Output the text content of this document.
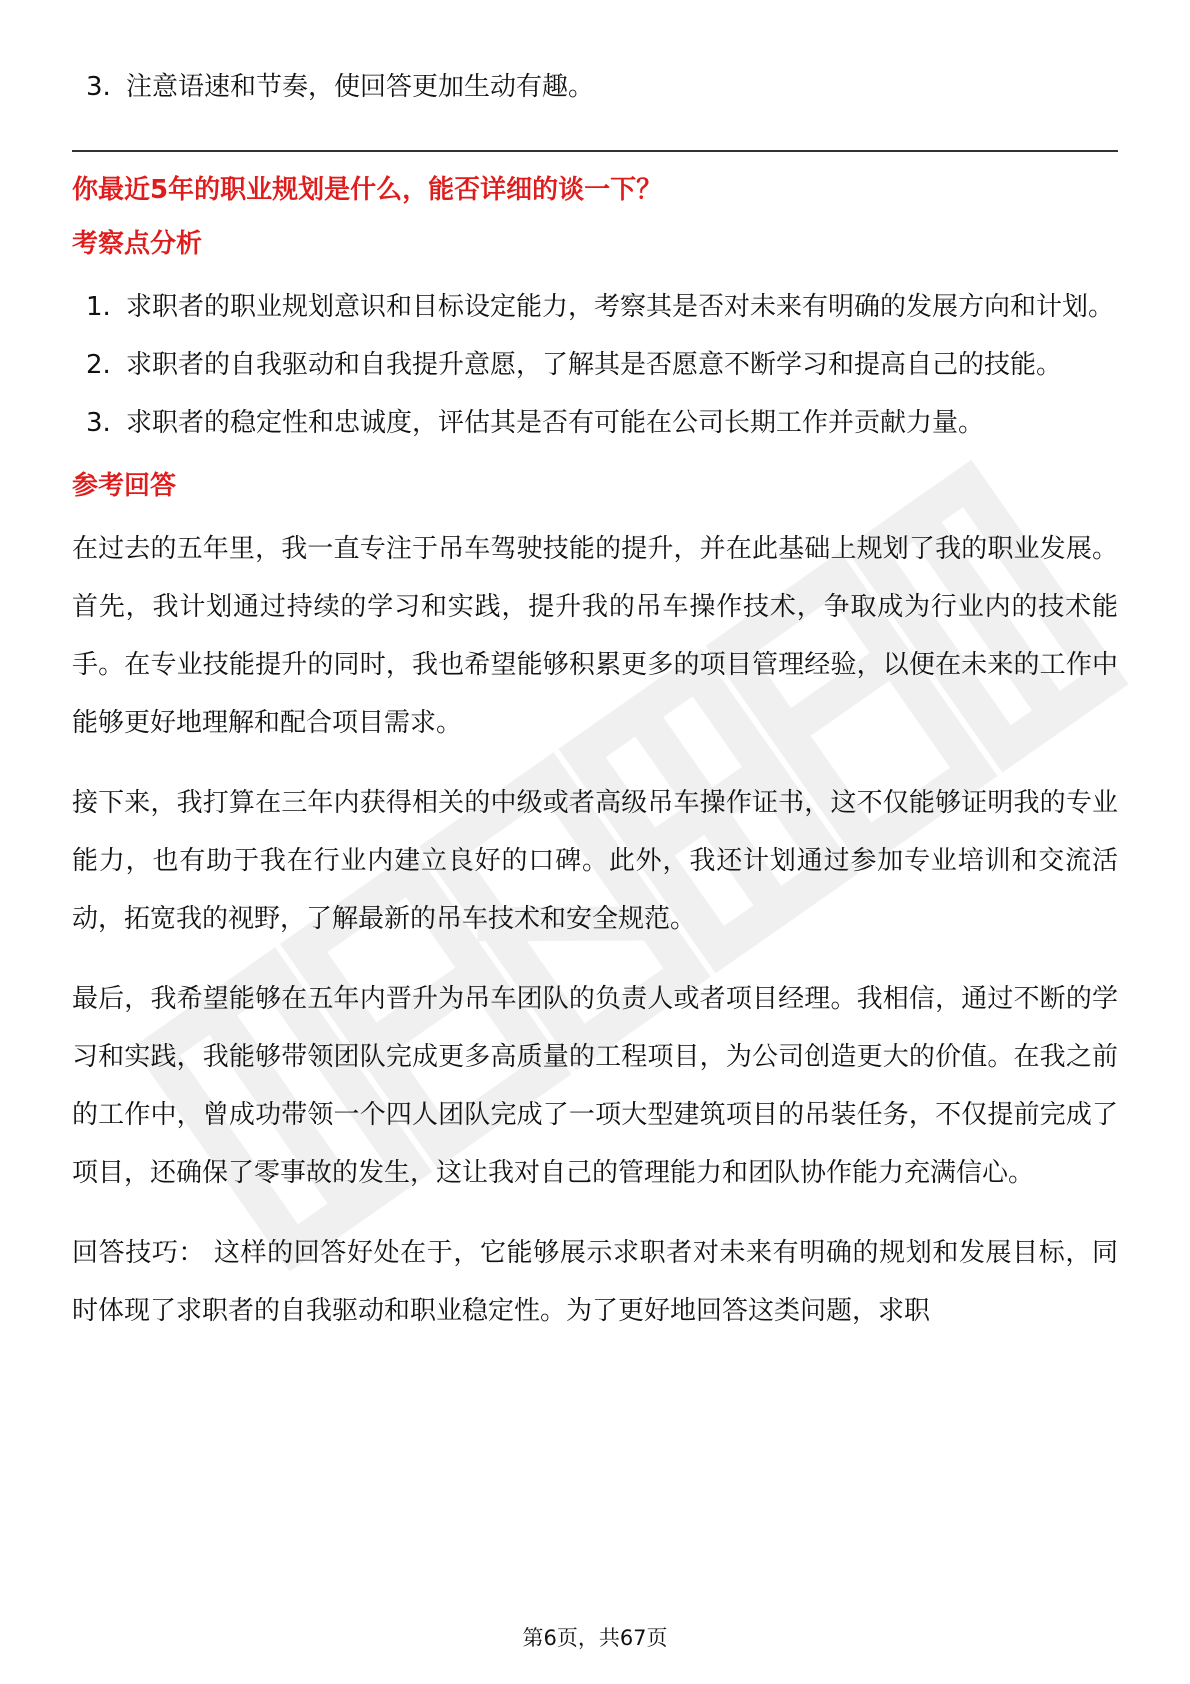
3. 注意语速和节奏，使回答更加生动有趣。

你最近5年的职业规划是什么，能否详细的谈一下？

考察点分析
1. 求职者的职业规划意识和目标设定能力，考察其是否对未来有明确的发展方向和计划。
2. 求职者的自我驱动和自我提升意愿，了解其是否愿意不断学习和提高自己的技能。
3. 求职者的稳定性和忠诚度，评估其是否有可能在公司长期工作并贡献力量。
参考回答

在过去的五年里，我一直专注于吊车驾驶技能的提升，并在此基础上规划了我的职业发展。首先，我计划通过持续的学习和实践，提升我的吊车操作技术，争取成为行业内的技术能手。在专业技能提升的同时，我也希望能够积累更多的项目管理经验，以便在未来的工作中能够更好地理解和配合项目需求。

接下来，我打算在三年内获得相关的中级或者高级吊车操作证书，这不仅能够证明我的专业能力，也有助于我在行业内建立良好的口碑。此外，我还计划通过参加专业培训和交流活动，拓宽我的视野，了解最新的吊车技术和安全规范。

最后，我希望能够在五年内晋升为吊车团队的负责人或者项目经理。我相信，通过不断的学习和实践，我能够带领团队完成更多高质量的工程项目，为公司创造更大的价值。在我之前的工作中，曾成功带领一个四人团队完成了一项大型建筑项目的吊装任务，不仅提前完成了项目，还确保了零事故的发生，这让我对自己的管理能力和团队协作能力充满信心。

回答技巧： 这样的回答好处在于，它能够展示求职者对未来有明确的规划和发展目标，同时体现了求职者的自我驱动和职业稳定性。为了更好地回答这类问题，求职

第6页，共67页
